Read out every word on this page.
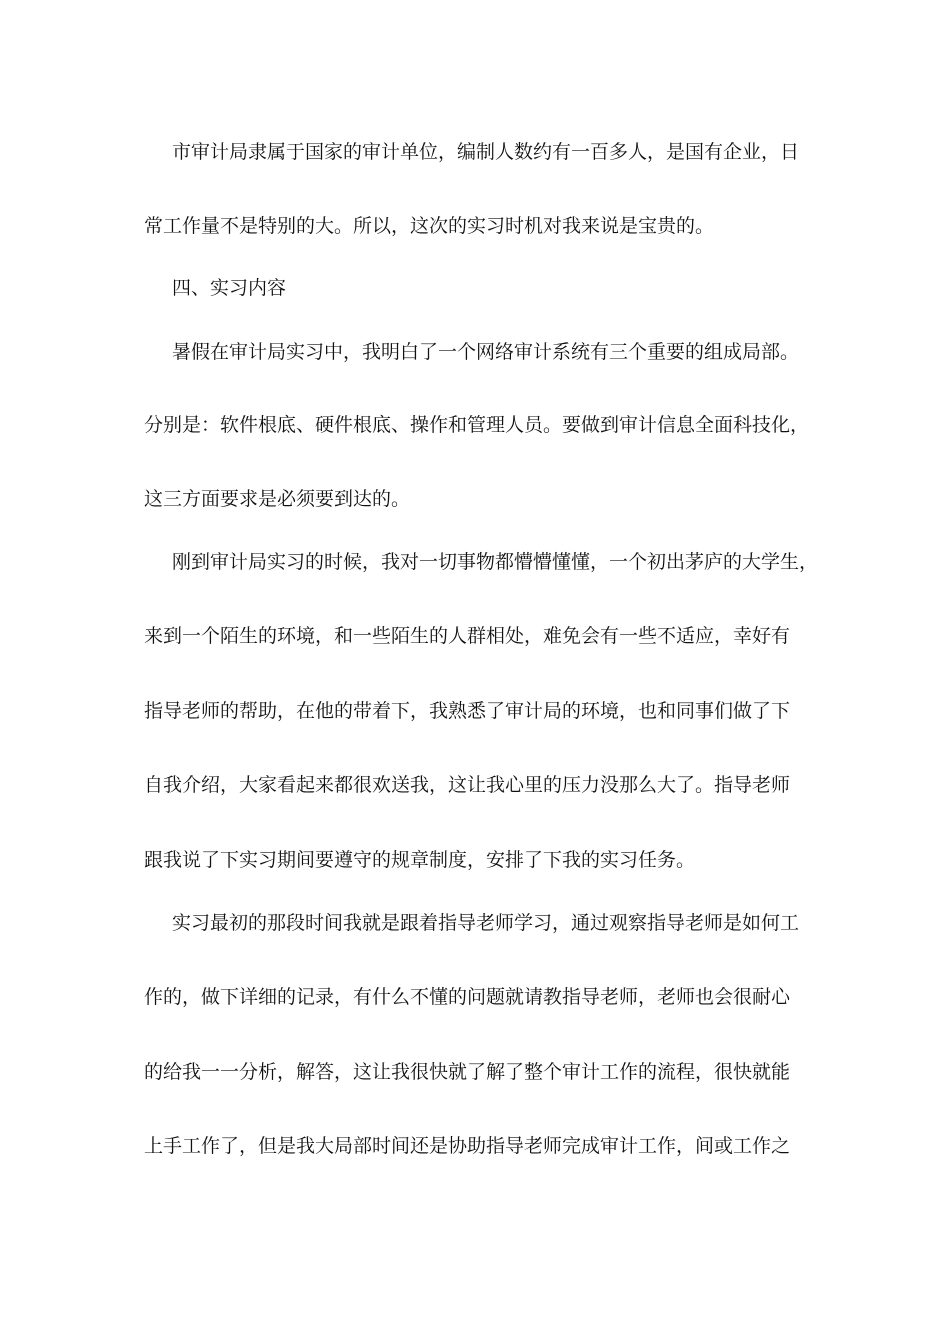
市审计局隶属于国家的审计单位，编制人数约有一百多人，是国有企业，日
常工作量不是特别的大。所以，这次的实习时机对我来说是宝贵的。
四、实习内容
暑假在审计局实习中，我明白了一个网络审计系统有三个重要的组成局部。
分别是：软件根底、硬件根底、操作和管理人员。要做到审计信息全面科技化，
这三方面要求是必须要到达的。
刚到审计局实习的时候，我对一切事物都懵懵懂懂，一个初出茅庐的大学生，
来到一个陌生的环境，和一些陌生的人群相处，难免会有一些不适应，幸好有
指导老师的帮助，在他的带着下，我熟悉了审计局的环境，也和同事们做了下
自我介绍，大家看起来都很欢送我，这让我心里的压力没那么大了。指导老师
跟我说了下实习期间要遵守的规章制度，安排了下我的实习任务。
实习最初的那段时间我就是跟着指导老师学习，通过观察指导老师是如何工
作的，做下详细的记录，有什么不懂的问题就请教指导老师，老师也会很耐心
的给我一一分析，解答，这让我很快就了解了整个审计工作的流程，很快就能
上手工作了，但是我大局部时间还是协助指导老师完成审计工作，间或工作之
